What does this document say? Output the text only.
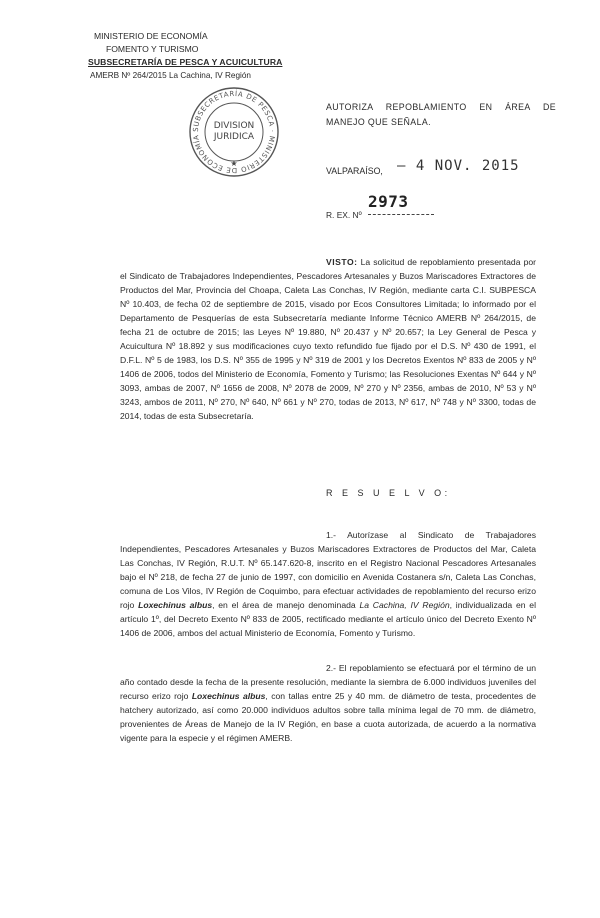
MINISTERIO DE ECONOMÍA
FOMENTO Y TURISMO
SUBSECRETARÍA DE PESCA Y ACUICULTURA
AMERB Nº 264/2015 La Cachina, IV Región
SUBSECRETARÍA DE PESCA · MINISTERIO DE ECONOMÍA
DIVISION
JURIDICA
★
AUTORIZA REPOBLAMIENTO EN ÁREA DE MANEJO QUE SEÑALA.
VALPARAÍSO, – 4 NOV. 2015
R. EX. Nº
2973
VISTO: La solicitud de repoblamiento presentada por el Sindicato de Trabajadores Independientes, Pescadores Artesanales y Buzos Mariscadores Extractores de Productos del Mar, Provincia del Choapa, Caleta Las Conchas, IV Región, mediante carta C.I. SUBPESCA Nº 10.403, de fecha 02 de septiembre de 2015, visado por Ecos Consultores Limitada; lo informado por el Departamento de Pesquerías de esta Subsecretaría mediante Informe Técnico AMERB Nº 264/2015, de fecha 21 de octubre de 2015; las Leyes Nº 19.880, Nº 20.437 y Nº 20.657; la Ley General de Pesca y Acuicultura Nº 18.892 y sus modificaciones cuyo texto refundido fue fijado por el D.S. Nº 430 de 1991, el D.F.L. Nº 5 de 1983, los D.S. Nº 355 de 1995 y Nº 319 de 2001 y los Decretos Exentos Nº 833 de 2005 y Nº 1406 de 2006, todos del Ministerio de Economía, Fomento y Turismo; las Resoluciones Exentas Nº 644 y Nº 3093, ambas de 2007, Nº 1656 de 2008, Nº 2078 de 2009, Nº 270 y Nº 2356, ambas de 2010, Nº 53 y Nº 3243, ambos de 2011, Nº 270, Nº 640, Nº 661 y Nº 270, todas de 2013, Nº 617, Nº 748 y Nº 3300, todas de 2014, todas de esta Subsecretaría.
R E S U E L V O:
1.- Autorízase al Sindicato de Trabajadores Independientes, Pescadores Artesanales y Buzos Mariscadores Extractores de Productos del Mar, Caleta Las Conchas, IV Región, R.U.T. Nº 65.147.620-8, inscrito en el Registro Nacional Pescadores Artesanales bajo el Nº 218, de fecha 27 de junio de 1997, con domicilio en Avenida Costanera s/n, Caleta Las Conchas, comuna de Los Vilos, IV Región de Coquimbo, para efectuar actividades de repoblamiento del recurso erizo rojo Loxechinus albus, en el área de manejo denominada La Cachina, IV Región, individualizada en el artículo 1º, del Decreto Exento Nº 833 de 2005, rectificado mediante el artículo único del Decreto Exento Nº 1406 de 2006, ambos del actual Ministerio de Economía, Fomento y Turismo.
2.- El repoblamiento se efectuará por el término de un año contado desde la fecha de la presente resolución, mediante la siembra de 6.000 individuos juveniles del recurso erizo rojo Loxechinus albus, con tallas entre 25 y 40 mm. de diámetro de testa, procedentes de hatchery autorizado, así como 20.000 individuos adultos sobre talla mínima legal de 70 mm. de diámetro, provenientes de Áreas de Manejo de la IV Región, en base a cuota autorizada, de acuerdo a la normativa vigente para la especie y el régimen AMERB.
